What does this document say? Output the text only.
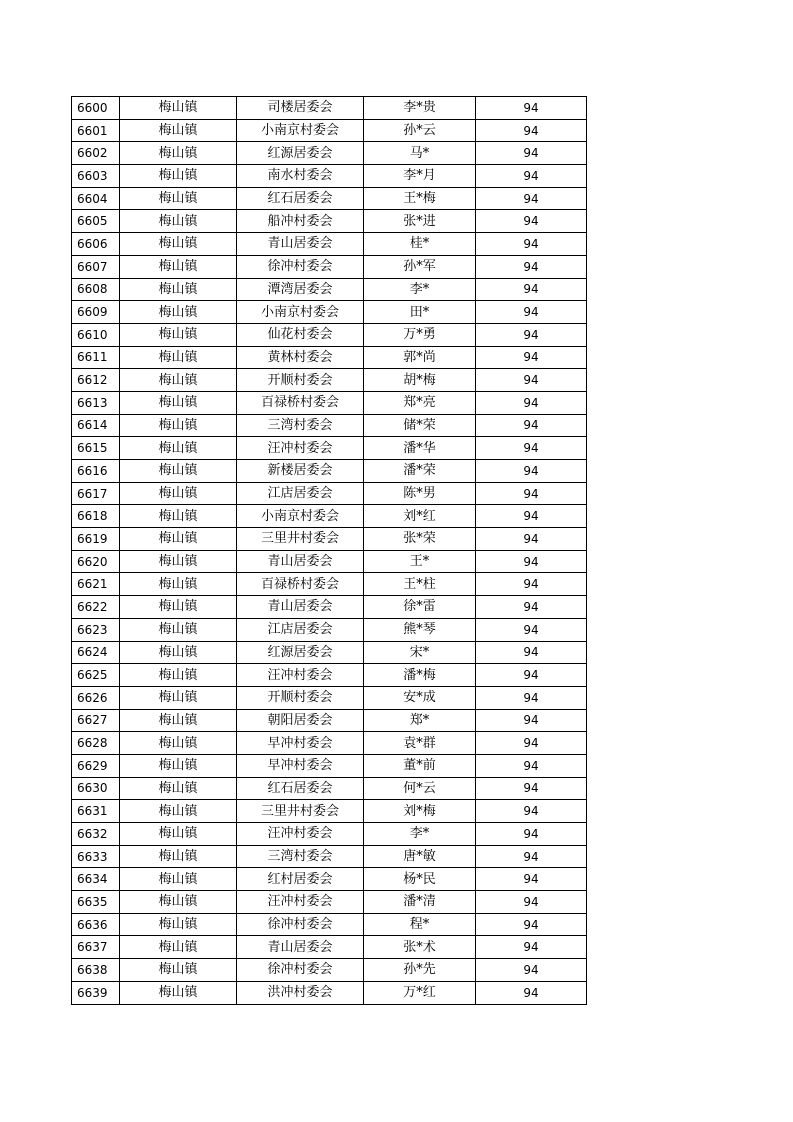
6600	梅山镇	司楼居委会	李*贵	94
6601	梅山镇	小南京村委会	孙*云	94
6602	梅山镇	红源居委会	马*	94
6603	梅山镇	南水村委会	李*月	94
6604	梅山镇	红石居委会	王*梅	94
6605	梅山镇	船冲村委会	张*进	94
6606	梅山镇	青山居委会	桂*	94
6607	梅山镇	徐冲村委会	孙*军	94
6608	梅山镇	潭湾居委会	李*	94
6609	梅山镇	小南京村委会	田*	94
6610	梅山镇	仙花村委会	万*勇	94
6611	梅山镇	黄林村委会	郭*尚	94
6612	梅山镇	开顺村委会	胡*梅	94
6613	梅山镇	百禄桥村委会	郑*亮	94
6614	梅山镇	三湾村委会	储*荣	94
6615	梅山镇	汪冲村委会	潘*华	94
6616	梅山镇	新楼居委会	潘*荣	94
6617	梅山镇	江店居委会	陈*男	94
6618	梅山镇	小南京村委会	刘*红	94
6619	梅山镇	三里井村委会	张*荣	94
6620	梅山镇	青山居委会	王*	94
6621	梅山镇	百禄桥村委会	王*柱	94
6622	梅山镇	青山居委会	徐*雷	94
6623	梅山镇	江店居委会	熊*琴	94
6624	梅山镇	红源居委会	宋*	94
6625	梅山镇	汪冲村委会	潘*梅	94
6626	梅山镇	开顺村委会	安*成	94
6627	梅山镇	朝阳居委会	郑*	94
6628	梅山镇	早冲村委会	袁*群	94
6629	梅山镇	早冲村委会	董*前	94
6630	梅山镇	红石居委会	何*云	94
6631	梅山镇	三里井村委会	刘*梅	94
6632	梅山镇	汪冲村委会	李*	94
6633	梅山镇	三湾村委会	唐*敏	94
6634	梅山镇	红村居委会	杨*民	94
6635	梅山镇	汪冲村委会	潘*清	94
6636	梅山镇	徐冲村委会	程*	94
6637	梅山镇	青山居委会	张*术	94
6638	梅山镇	徐冲村委会	孙*先	94
6639	梅山镇	洪冲村委会	万*红	94
